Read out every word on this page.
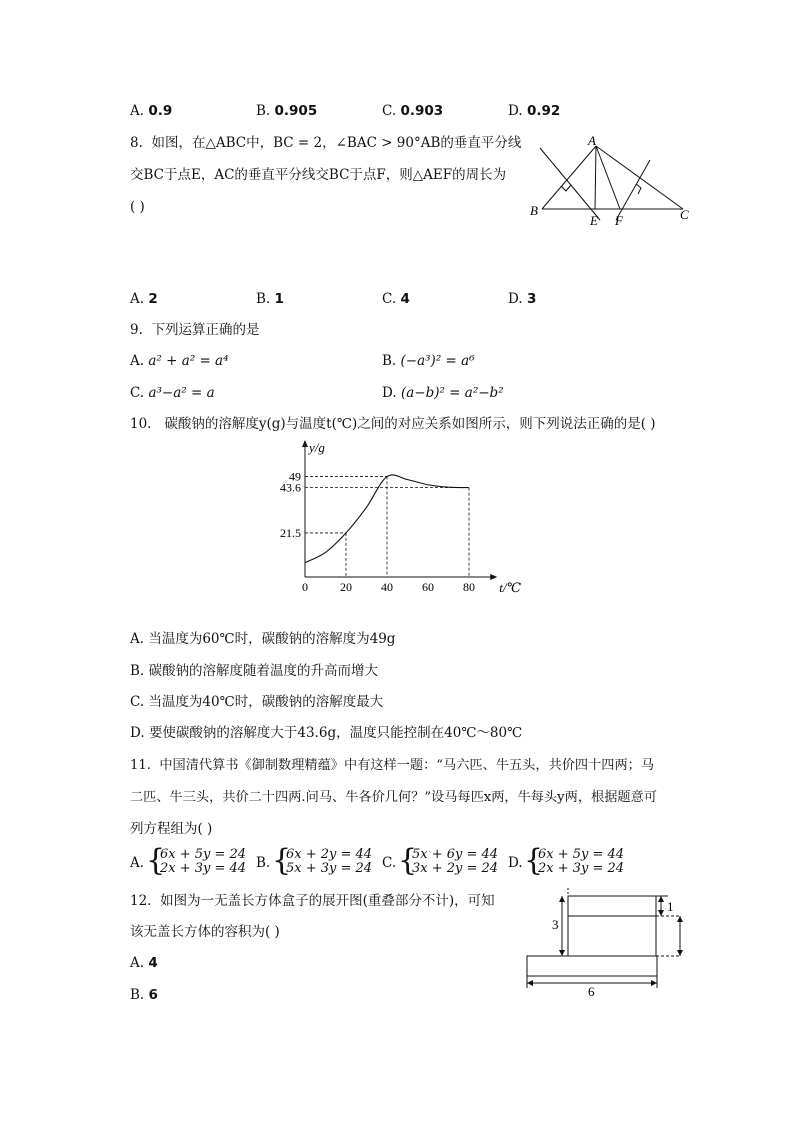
A. 0.9	B. 0.905	C. 0.903	D. 0.92
8. 如图，在△ABC中，BC = 2，∠BAC > 90°AB的垂直平分线
交BC于点E，AC的垂直平分线交BC于点F，则△AEF的周长为
( )
A
B	C
E F
A. 2	B. 1	C. 4	D. 3
9. 下列运算正确的是
A. a² + a² = a⁴	B. (−a³)² = a⁶
C. a³−a² = a	D. (a−b)² = a²−b²
10. 碳酸钠的溶解度y(g)与温度t(℃)之间的对应关系如图所示，则下列说法正确的是( )
0	20 40 60 80
21.5
43.6
49
t/℃
y/g
A. 当温度为60℃时，碳酸钠的溶解度为49g
B. 碳酸钠的溶解度随着温度的升高而增大
C. 当温度为40℃时，碳酸钠的溶解度最大
D. 要使碳酸钠的溶解度大于43.6g，温度只能控制在40℃～80℃
11. 中国清代算书《御制数理精蕴》中有这样一题：“马六匹、牛五头，共价四十四两；马
二匹、牛三头，共价二十四两.问马、牛各价几何？”设马每匹x两，牛每头y两，根据题意可
列方程组为( )
A. {
6x + 5y = 24
2x + 3y = 44 B. {
6x + 2y = 44
5x + 3y = 24 C. {
5x + 6y = 44
3x + 2y = 24 D. {
6x + 5y = 44
2x + 3y = 24
12. 如图为一无盖长方体盒子的展开图(重叠部分不计)，可知
该无盖长方体的容积为( )	3
1
6
A. 4
B. 6
